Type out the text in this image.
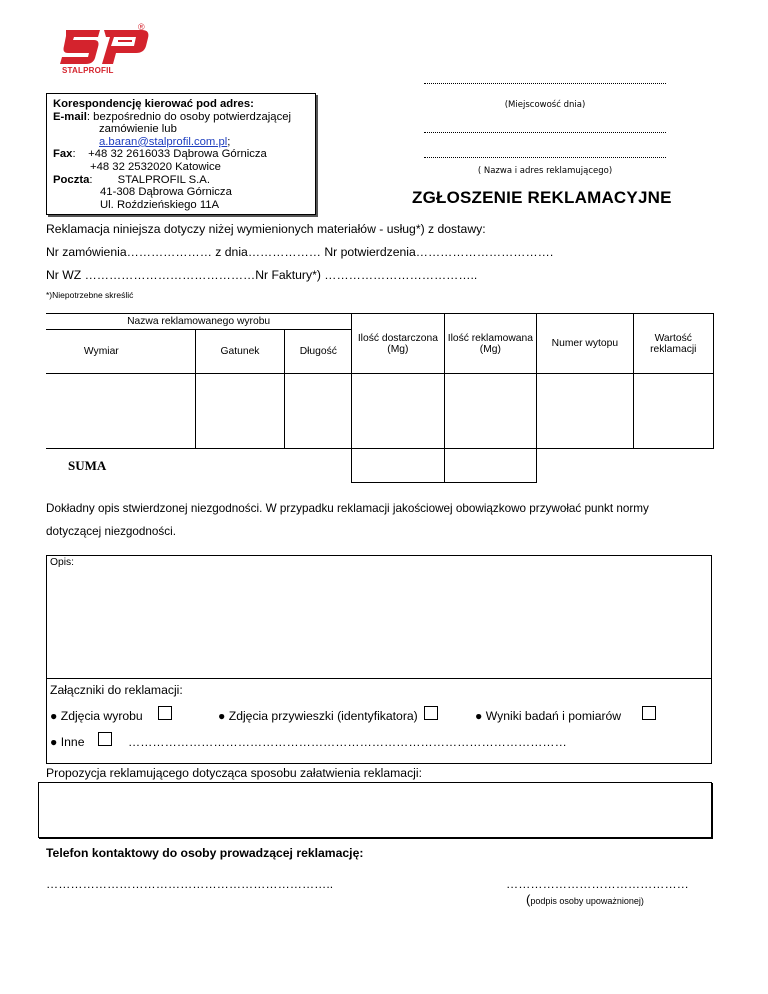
®
STALPROFIL
Korespondencję kierować pod adres:
E-mail: bezpośrednio do osoby potwierdzającej
zamówienie lub
a.baran@stalprofil.com.pl;
Fax:    +48 32 2616033 Dąbrowa Górnicza
+48 32 2532020 Katowice
Poczta:        STALPROFIL S.A.
41-308 Dąbrowa Górnicza
Ul. Roździeńskiego 11A
(Miejscowość dnia)
( Nazwa i adres reklamującego)
ZGŁOSZENIE REKLAMACYJNE
Reklamacja niniejsza dotyczy niżej wymienionych materiałów - usług*) z dostawy:
Nr zamówienia………………… z dnia……………… Nr potwierdzenia…………………………….
Nr WZ ……………………………………Nr Faktury*) ………………………………..
*)Niepotrzebne skreślić
Nazwa reklamowanego wyrobu			Ilość dostarczona (Mg)	Ilość reklamowana (Mg)	Numer wytopu	Wartość reklamacji
Wymiar	Gatunek	Długość				

SUMA						
Dokładny opis stwierdzonej niezgodności. W przypadku reklamacji jakościowej obowiązkowo przywołać punkt normy
dotyczącej niezgodności.
Opis:
Załączniki do reklamacji:
● Zdjęcia wyrobu	● Zdjęcia przywieszki (identyfikatora)	● Wyniki badań i pomiarów
● Inne	………………………………………………………………………………………………
Propozycja reklamującego dotycząca sposobu załatwienia reklamacji:
Telefon kontaktowy do osoby prowadzącej reklamację:
……………………………………………………………..	………………………………………
(podpis osoby upoważnionej)
